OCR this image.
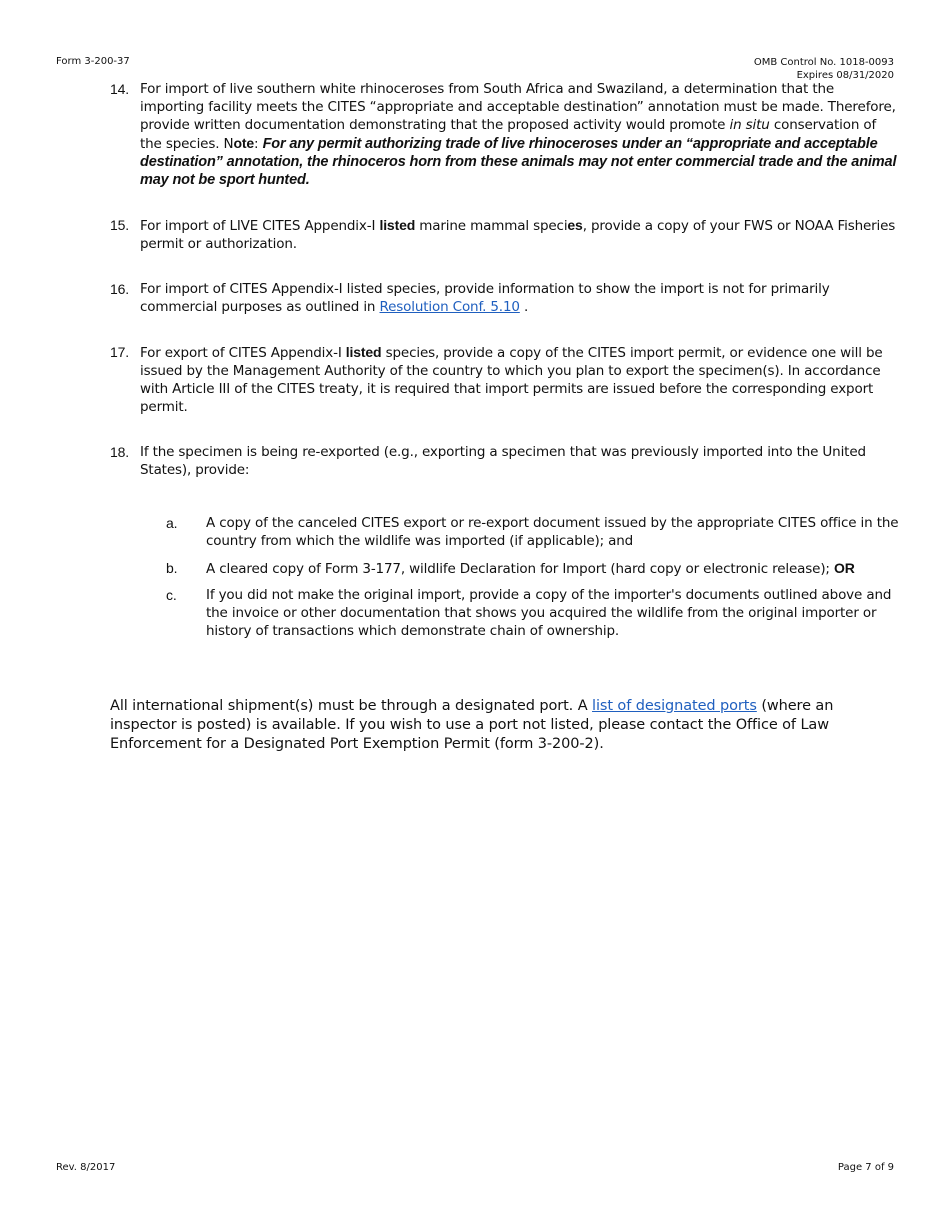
Form 3-200-37	OMB Control No. 1018-0093
Expires 08/31/2020
14. For import of live southern white rhinoceroses from South Africa and Swaziland, a determination that the importing facility meets the CITES “appropriate and acceptable destination” annotation must be made. Therefore, provide written documentation demonstrating that the proposed activity would promote in situ conservation of the species. Note: For any permit authorizing trade of live rhinoceroses under an “appropriate and acceptable destination” annotation, the rhinoceros horn from these animals may not enter commercial trade and the animal may not be sport hunted.
15. For import of LIVE CITES Appendix-I listed marine mammal species, provide a copy of your FWS or NOAA Fisheries permit or authorization.
16. For import of CITES Appendix-I listed species, provide information to show the import is not for primarily commercial purposes as outlined in Resolution Conf. 5.10 .
17. For export of CITES Appendix-I listed species, provide a copy of the CITES import permit, or evidence one will be issued by the Management Authority of the country to which you plan to export the specimen(s). In accordance with Article III of the CITES treaty, it is required that import permits are issued before the corresponding export permit.
18. If the specimen is being re-exported (e.g., exporting a specimen that was previously imported into the United States), provide:
a. A copy of the canceled CITES export or re-export document issued by the appropriate CITES office in the country from which the wildlife was imported (if applicable); and
b. A cleared copy of Form 3-177, wildlife Declaration for Import (hard copy or electronic release); OR
c. If you did not make the original import, provide a copy of the importer's documents outlined above and the invoice or other documentation that shows you acquired the wildlife from the original importer or history of transactions which demonstrate chain of ownership.
All international shipment(s) must be through a designated port. A list of designated ports (where an inspector is posted) is available. If you wish to use a port not listed, please contact the Office of Law Enforcement for a Designated Port Exemption Permit (form 3-200-2).
Rev. 8/2017	Page 7 of 9
